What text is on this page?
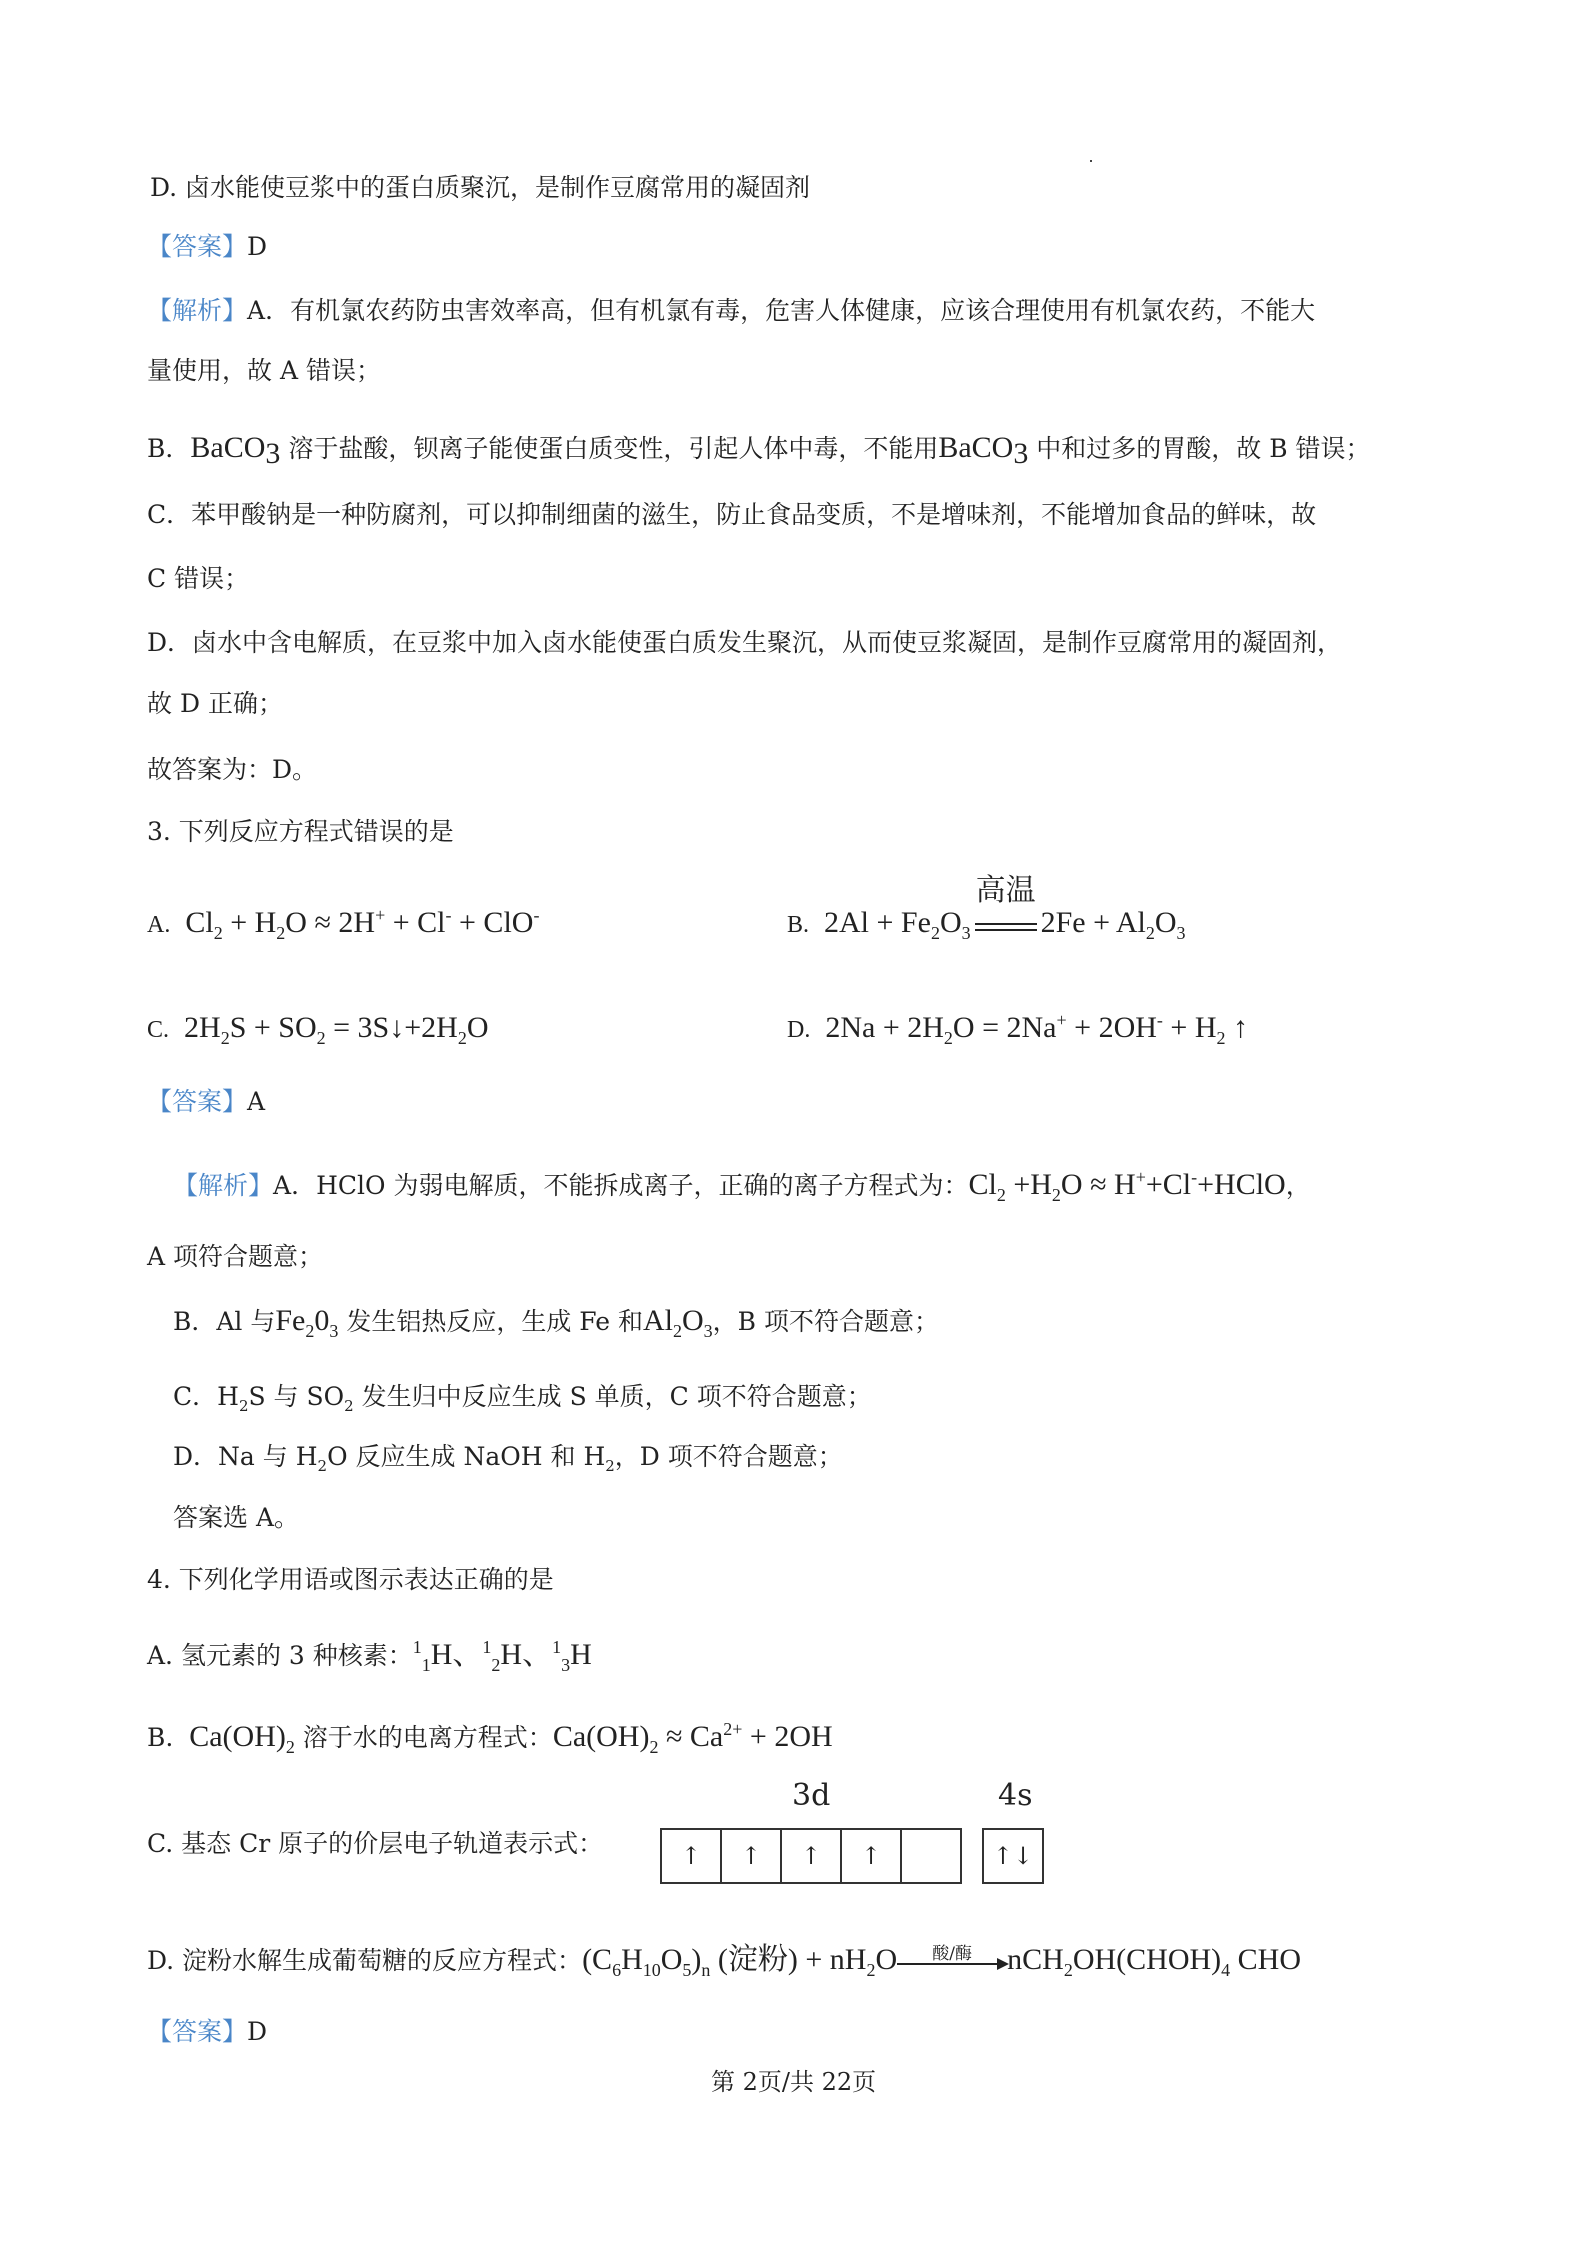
D. 卤水能使豆浆中的蛋白质聚沉，是制作豆腐常用的凝固剂
【答案】D
【解析】A．有机氯农药防虫害效率高，但有机氯有毒，危害人体健康，应该合理使用有机氯农药，不能大
量使用，故 A 错误；
B．BaCO$_3$ 溶于盐酸，钡离子能使蛋白质变性，引起人体中毒，不能用BaCO$_3$ 中和过多的胃酸，故 B 错误；
C．苯甲酸钠是一种防腐剂，可以抑制细菌的滋生，防止食品变质，不是增味剂，不能增加食品的鲜味，故
C 错误；
D．卤水中含电解质，在豆浆中加入卤水能使蛋白质发生聚沉，从而使豆浆凝固，是制作豆腐常用的凝固剂，
故 D 正确；
故答案为：D。
3. 下列反应方程式错误的是
A.  $Cl_2 + H_2O \approx 2H^+ + Cl^- + ClO^-$	B.  $2Al + Fe_2O_3$
高温
$2Fe + Al_2O_3$
C.  $2H_2S + SO_2$ = $3S↓+2H_2O$	D.  $2Na + 2H_2O = 2Na^+ + 2OH^- + H_2$ ↑
【答案】A
【解析】A．HClO 为弱电解质，不能拆成离子，正确的离子方程式为：$Cl_2 +H_2O$ ≈ H++Cl-+HClO，
A 项符合题意；
B．Al 与$Fe_20_3$ 发生铝热反应，生成 Fe 和$Al_2O_3$，B 项不符合题意；
C．$H_2S$ 与 $SO_2$ 发生归中反应生成 S 单质，C 项不符合题意；
D．Na 与 $H_2O$ 反应生成 NaOH 和 $H_2$，D 项不符合题意；
答案选 A。
4. 下列化学用语或图示表达正确的是
A. 氢元素的 3 种核素：$^1_1$H、$^1_2$H、$^1_3$H
B.  $Ca(OH)_2$ 溶于水的电离方程式：$Ca(OH)_2 \approx Ca^{2+} + 2OH$
C. 基态 Cr 原子的价层电子轨道表示式：
3d	4s
↑	↑	↑	↑	↑↓
D. 淀粉水解生成葡萄糖的反应方程式：$(C_6H_{10}O_5)_n$ (淀粉) + $nH_2O$	酸/酶	$nCH_2OH(CHOH)_4$ CHO
【答案】D
第 2页/共 22页
